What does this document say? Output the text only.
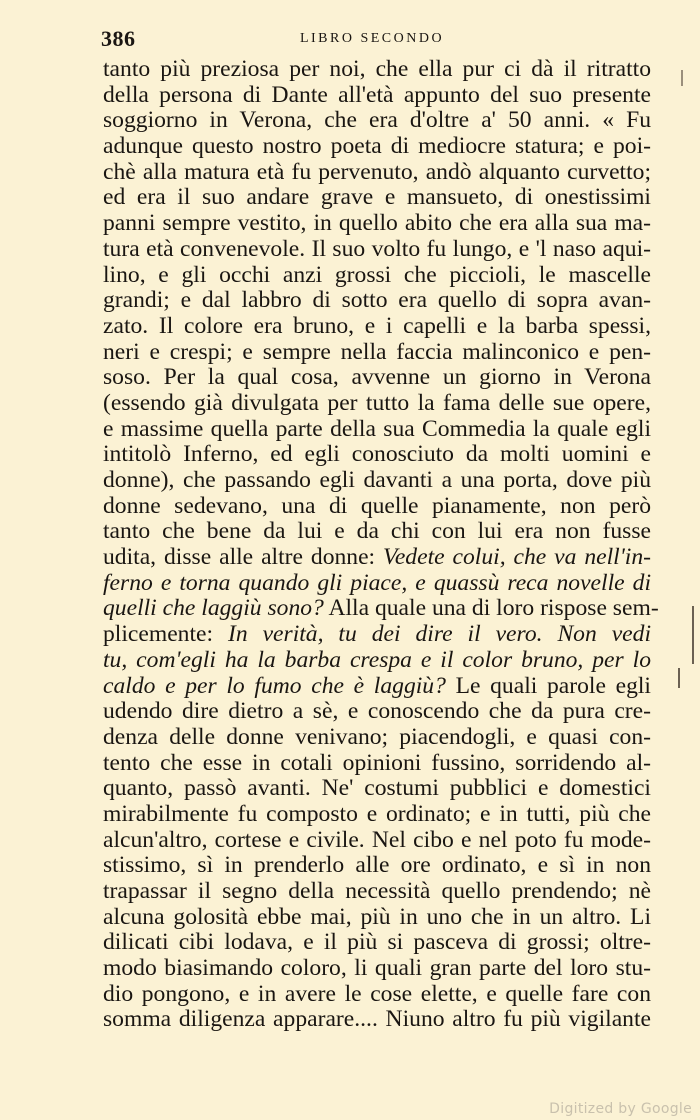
386	LIBRO SECONDO
tanto più preziosa per noi, che ella pur ci dà il ritratto
della persona di Dante all'età appunto del suo presente
soggiorno in Verona, che era d'oltre a' 50 anni. « Fu
adunque questo nostro poeta di mediocre statura; e poi-
chè alla matura età fu pervenuto, andò alquanto curvetto;
ed era il suo andare grave e mansueto, di onestissimi
panni sempre vestito, in quello abito che era alla sua ma-
tura età convenevole. Il suo volto fu lungo, e 'l naso aqui-
lino, e gli occhi anzi grossi che piccioli, le mascelle
grandi; e dal labbro di sotto era quello di sopra avan-
zato. Il colore era bruno, e i capelli e la barba spessi,
neri e crespi; e sempre nella faccia malinconico e pen-
soso. Per la qual cosa, avvenne un giorno in Verona
(essendo già divulgata per tutto la fama delle sue opere,
e massime quella parte della sua Commedia la quale egli
intitolò Inferno, ed egli conosciuto da molti uomini e
donne), che passando egli davanti a una porta, dove più
donne sedevano, una di quelle pianamente, non però
tanto che bene da lui e da chi con lui era non fusse
udita, disse alle altre donne: Vedete colui, che va nell'in-
ferno e torna quando gli piace, e quassù reca novelle di
quelli che laggiù sono? Alla quale una di loro rispose sem-
plicemente: In verità, tu dei dire il vero. Non vedi
tu, com'egli ha la barba crespa e il color bruno, per lo
caldo e per lo fumo che è laggiù? Le quali parole egli
udendo dire dietro a sè, e conoscendo che da pura cre-
denza delle donne venivano; piacendogli, e quasi con-
tento che esse in cotali opinioni fussino, sorridendo al-
quanto, passò avanti. Ne' costumi pubblici e domestici
mirabilmente fu composto e ordinato; e in tutti, più che
alcun'altro, cortese e civile. Nel cibo e nel poto fu mode-
stissimo, sì in prenderlo alle ore ordinato, e sì in non
trapassar il segno della necessità quello prendendo; nè
alcuna golosità ebbe mai, più in uno che in un altro. Li
dilicati cibi lodava, e il più si pasceva di grossi; oltre-
modo biasimando coloro, li quali gran parte del loro stu-
dio pongono, e in avere le cose elette, e quelle fare con
somma diligenza apparare.... Niuno altro fu più vigilante
Digitized by Google
